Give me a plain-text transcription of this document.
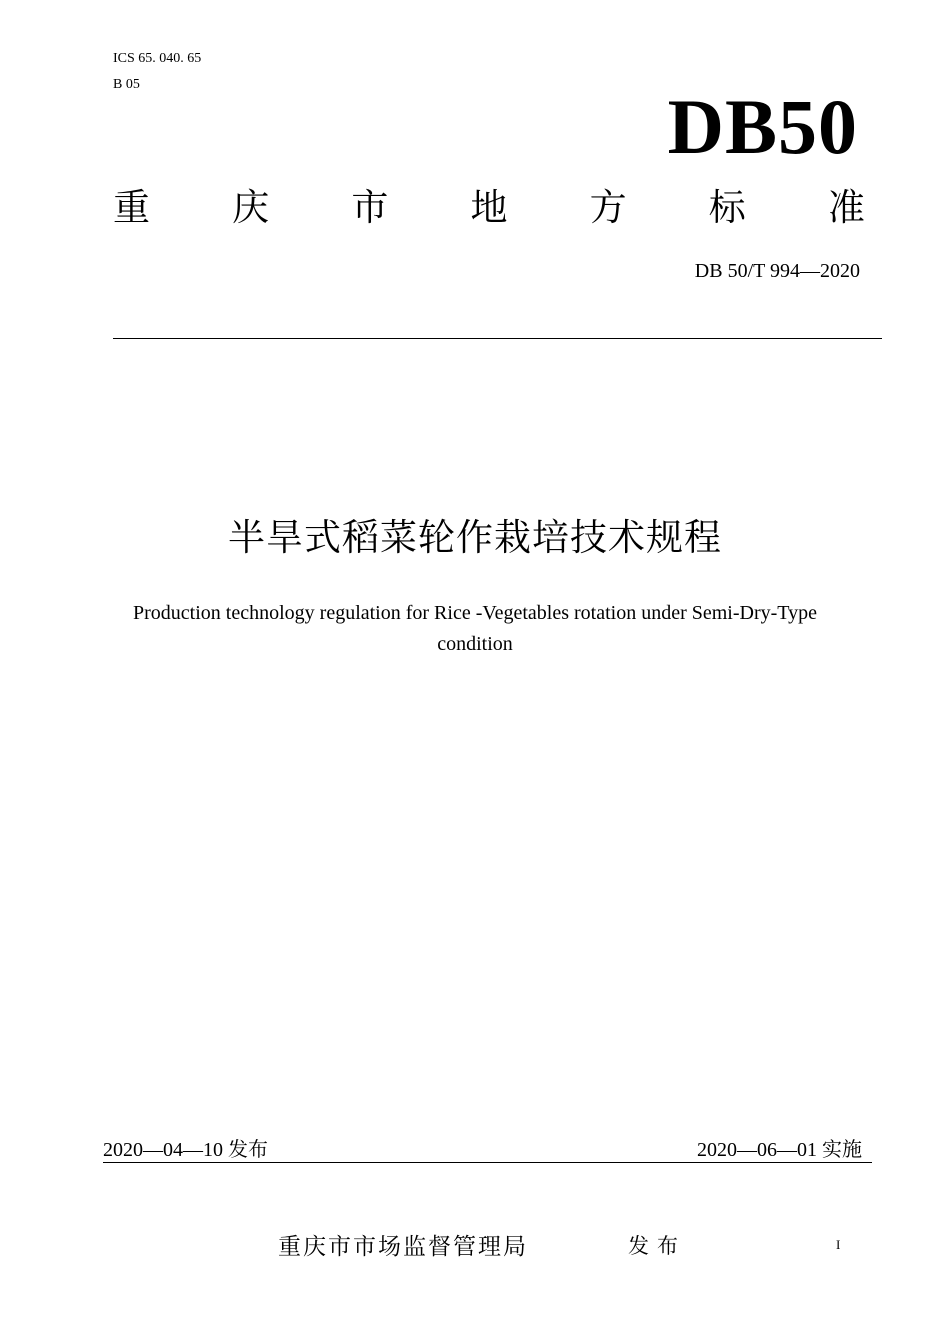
ICS 65. 040. 65
B 05	DB50
重 庆 市 地 方 标 准
DB 50/T 994—2020
半旱式稻菜轮作栽培技术规程
Production technology regulation for Rice -Vegetables rotation under Semi-Dry-Type
condition
2020—04—10 发布	2020—06—01 实施
重庆市市场监督管理局	发布	I
